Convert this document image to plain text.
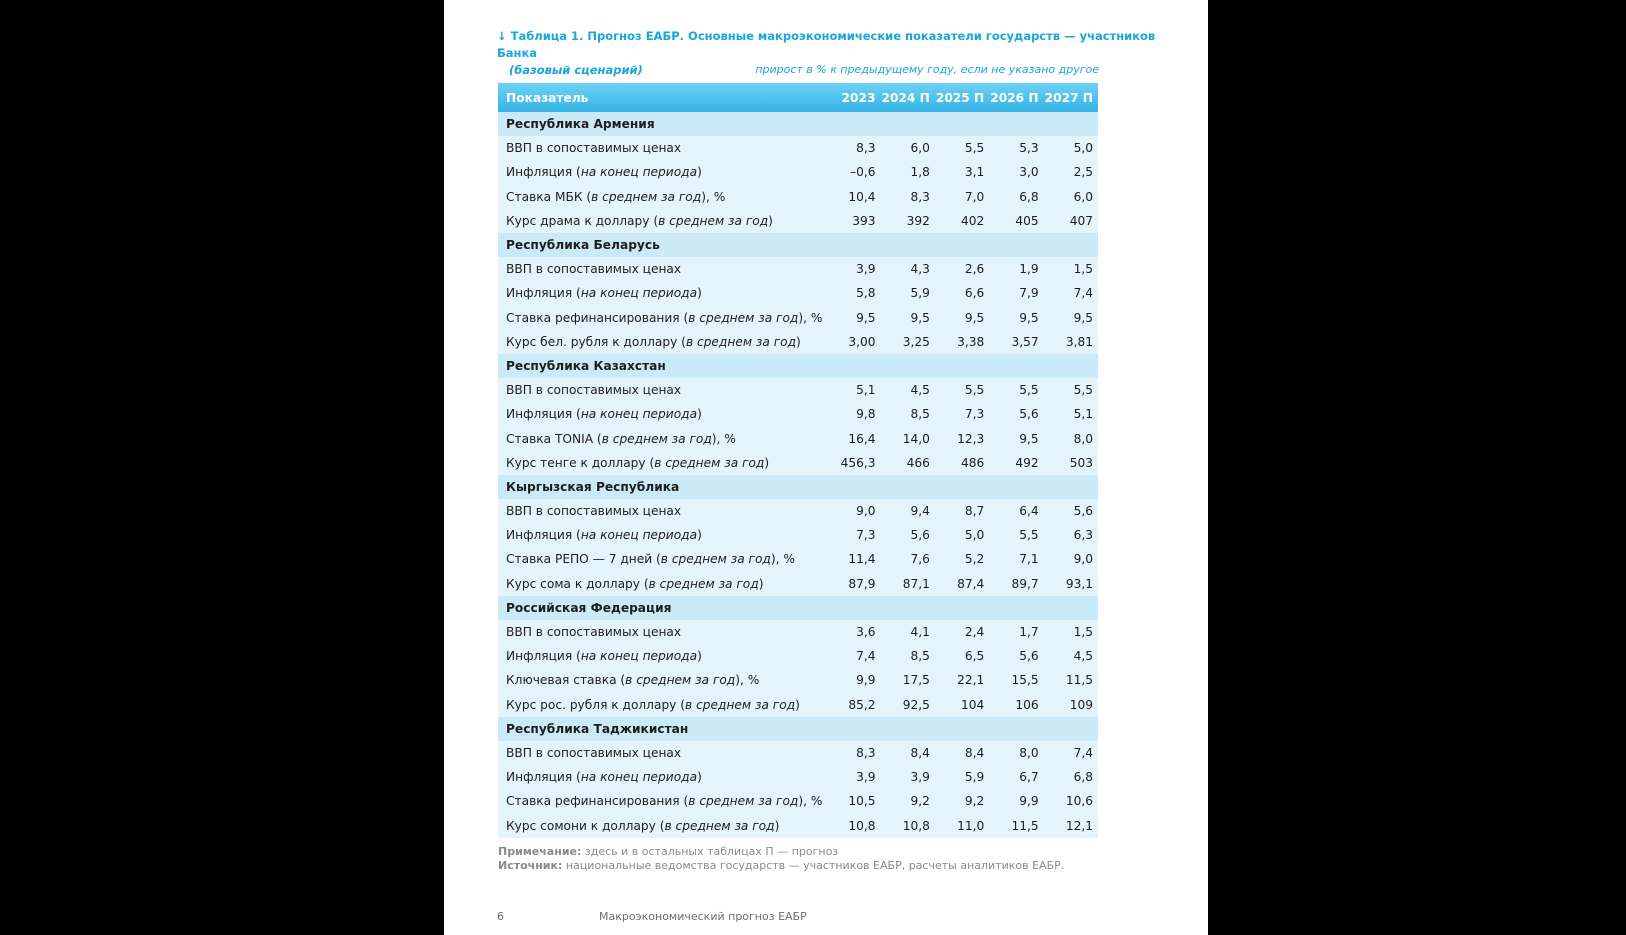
↓ Таблица 1. Прогноз ЕАБР. Основные макроэкономические показатели государств — участников Банка
(базовый сценарий)	прирост в % к предыдущему году, если не указано другое
Показатель	2023	2024 П	2025 П	2026 П	2027 П
Республика Армения					
ВВП в сопоставимых ценах	8,3	6,0	5,5	5,3	5,0
Инфляция (на конец периода)	–0,6	1,8	3,1	3,0	2,5
Ставка МБК (в среднем за год), %	10,4	8,3	7,0	6,8	6,0
Курс драма к доллару (в среднем за год)	393	392	402	405	407
Республика Беларусь					
ВВП в сопоставимых ценах	3,9	4,3	2,6	1,9	1,5
Инфляция (на конец периода)	5,8	5,9	6,6	7,9	7,4
Ставка рефинансирования (в среднем за год), %	9,5	9,5	9,5	9,5	9,5
Курс бел. рубля к доллару (в среднем за год)	3,00	3,25	3,38	3,57	3,81
Республика Казахстан					
ВВП в сопоставимых ценах	5,1	4,5	5,5	5,5	5,5
Инфляция (на конец периода)	9,8	8,5	7,3	5,6	5,1
Ставка TONIA (в среднем за год), %	16,4	14,0	12,3	9,5	8,0
Курс тенге к доллару (в среднем за год)	456,3	466	486	492	503
Кыргызская Республика					
ВВП в сопоставимых ценах	9,0	9,4	8,7	6,4	5,6
Инфляция (на конец периода)	7,3	5,6	5,0	5,5	6,3
Ставка РЕПО — 7 дней (в среднем за год), %	11,4	7,6	5,2	7,1	9,0
Курс сома к доллару (в среднем за год)	87,9	87,1	87,4	89,7	93,1
Российская Федерация					
ВВП в сопоставимых ценах	3,6	4,1	2,4	1,7	1,5
Инфляция (на конец периода)	7,4	8,5	6,5	5,6	4,5
Ключевая ставка (в среднем за год), %	9,9	17,5	22,1	15,5	11,5
Курс рос. рубля к доллару (в среднем за год)	85,2	92,5	104	106	109
Республика Таджикистан					
ВВП в сопоставимых ценах	8,3	8,4	8,4	8,0	7,4
Инфляция (на конец периода)	3,9	3,9	5,9	6,7	6,8
Ставка рефинансирования (в среднем за год), %	10,5	9,2	9,2	9,9	10,6
Курс сомони к доллару (в среднем за год)	10,8	10,8	11,0	11,5	12,1
Примечание: здесь и в остальных таблицах П — прогноз
Источник: национальные ведомства государств — участников ЕАБР, расчеты аналитиков ЕАБР.
6	Макроэкономический прогноз ЕАБР
